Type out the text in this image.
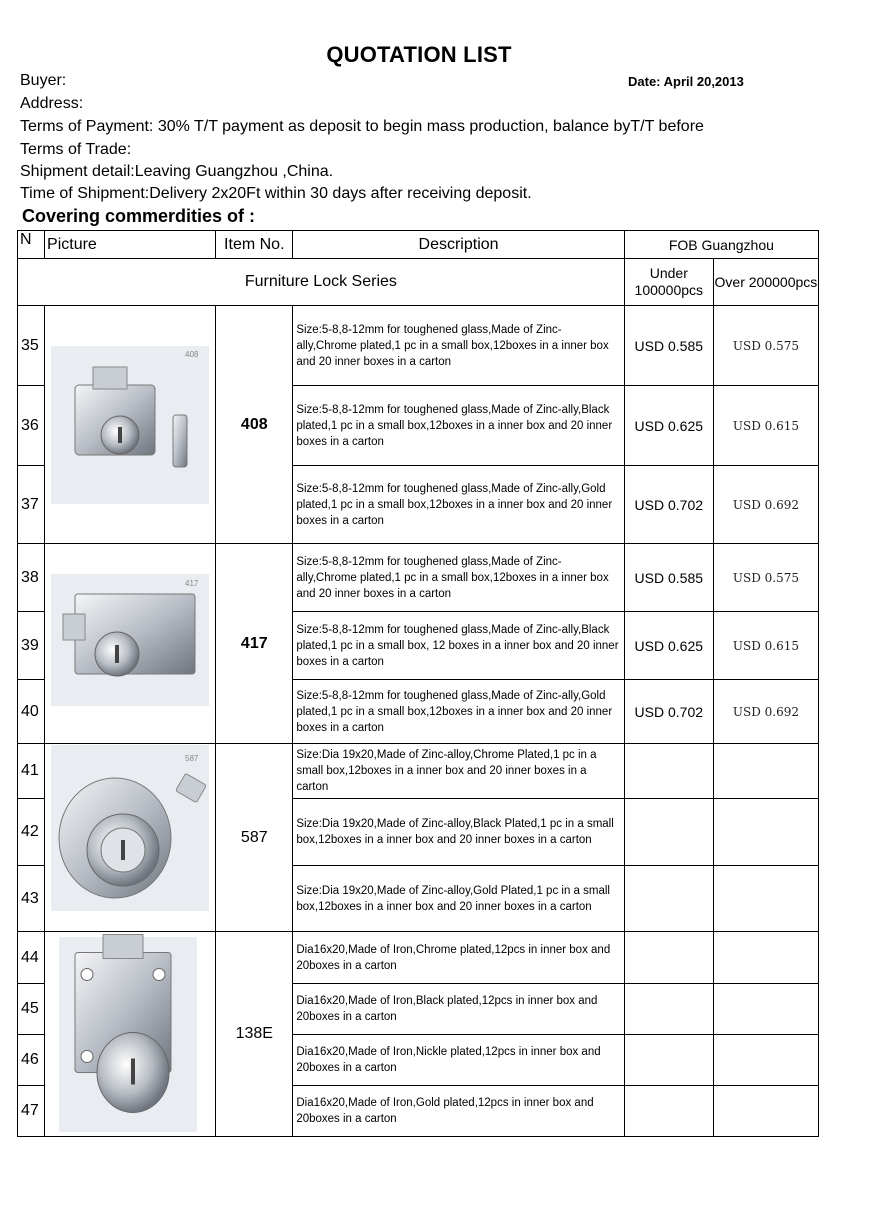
QUOTATION LIST
Buyer:	Date: April 20,2013
Address:
Terms of Payment: 30% T/T payment as deposit to begin mass production, balance byT/T before
Terms of Trade:
Shipment detail:Leaving Guangzhou ,China.
Time of Shipment:Delivery 2x20Ft within 30 days after receiving deposit.
Covering commerdities of :
N	Picture	Item No.	Description	FOB Guangzhou	
Furniture Lock Series				Under 100000pcs	Over 200000pcs
35	408	408	Size:5-8,8-12mm for toughened glass,Made of Zinc-ally,Chrome plated,1 pc in a small box,12boxes in a inner box and 20 inner boxes in a carton	USD 0.585	USD 0.575
36			Size:5-8,8-12mm for toughened glass,Made of Zinc-ally,Black plated,1 pc in a small box,12boxes in a inner box and 20 inner boxes in a carton	USD 0.625	USD 0.615
37			Size:5-8,8-12mm for toughened glass,Made of Zinc-ally,Gold plated,1 pc in a small box,12boxes in a inner box and 20 inner boxes in a carton	USD 0.702	USD 0.692
38	417	417	Size:5-8,8-12mm for toughened glass,Made of Zinc-ally,Chrome plated,1 pc in a small box,12boxes in a inner box and 20 inner boxes in a carton	USD 0.585	USD 0.575
39			Size:5-8,8-12mm for toughened glass,Made of Zinc-ally,Black plated,1 pc in a small box, 12 boxes in a inner box and 20 inner boxes in a carton	USD 0.625	USD 0.615
40			Size:5-8,8-12mm for toughened glass,Made of Zinc-ally,Gold plated,1 pc in a small box,12boxes in a inner box and 20 inner boxes in a carton	USD 0.702	USD 0.692
41	587	587	Size:Dia 19x20,Made of Zinc-alloy,Chrome Plated,1 pc in a small box,12boxes in a inner box and 20 inner boxes in a carton		
42			Size:Dia 19x20,Made of Zinc-alloy,Black Plated,1 pc in a small box,12boxes in a inner box and 20 inner boxes in a carton		
43			Size:Dia 19x20,Made of Zinc-alloy,Gold Plated,1 pc in a small box,12boxes in a inner box and 20 inner boxes in a carton		
44		138E	Dia16x20,Made of Iron,Chrome plated,12pcs in inner box and 20boxes in a carton		
45			Dia16x20,Made of Iron,Black plated,12pcs in inner box and 20boxes in a carton		
46			Dia16x20,Made of Iron,Nickle plated,12pcs in inner box and 20boxes in a carton		
47			Dia16x20,Made of Iron,Gold plated,12pcs in inner box and 20boxes in a carton		
